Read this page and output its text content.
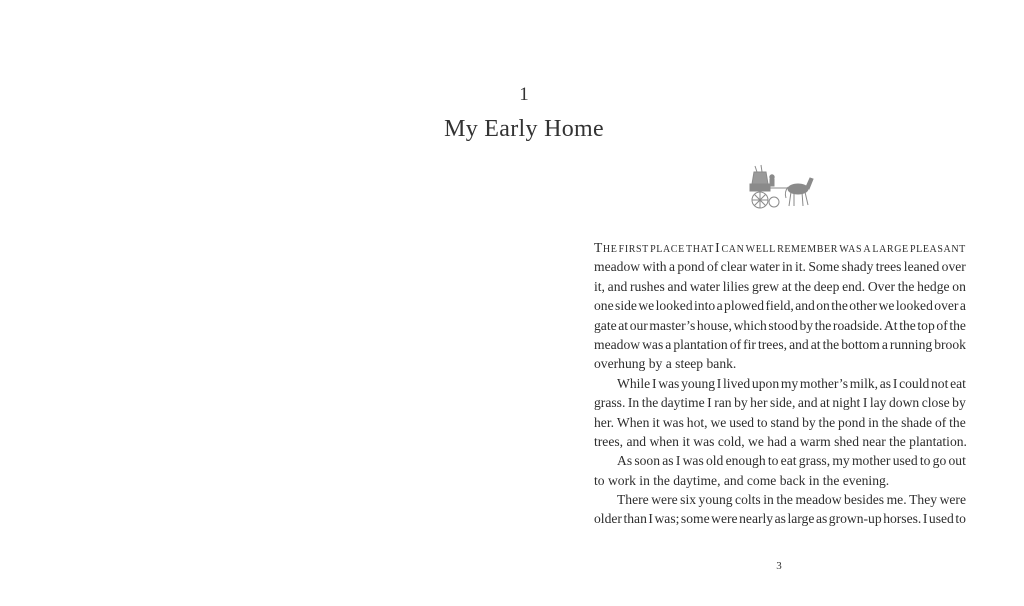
1
My Early Home
The first place that I can well remember was a large pleasant
meadow with a pond of clear water in it. Some shady trees leaned over
it, and rushes and water lilies grew at the deep end. Over the hedge on
one side we looked into a plowed field, and on the other we looked over a
gate at our master’s house, which stood by the roadside. At the top of the
meadow was a plantation of fir trees, and at the bottom a running brook
overhung by a steep bank.
While I was young I lived upon my mother’s milk, as I could not eat
grass. In the daytime I ran by her side, and at night I lay down close by
her. When it was hot, we used to stand by the pond in the shade of the
trees, and when it was cold, we had a warm shed near the plantation.
As soon as I was old enough to eat grass, my mother used to go out
to work in the daytime, and come back in the evening.
There were six young colts in the meadow besides me. They were
older than I was; some were nearly as large as grown-up horses. I used to
3
